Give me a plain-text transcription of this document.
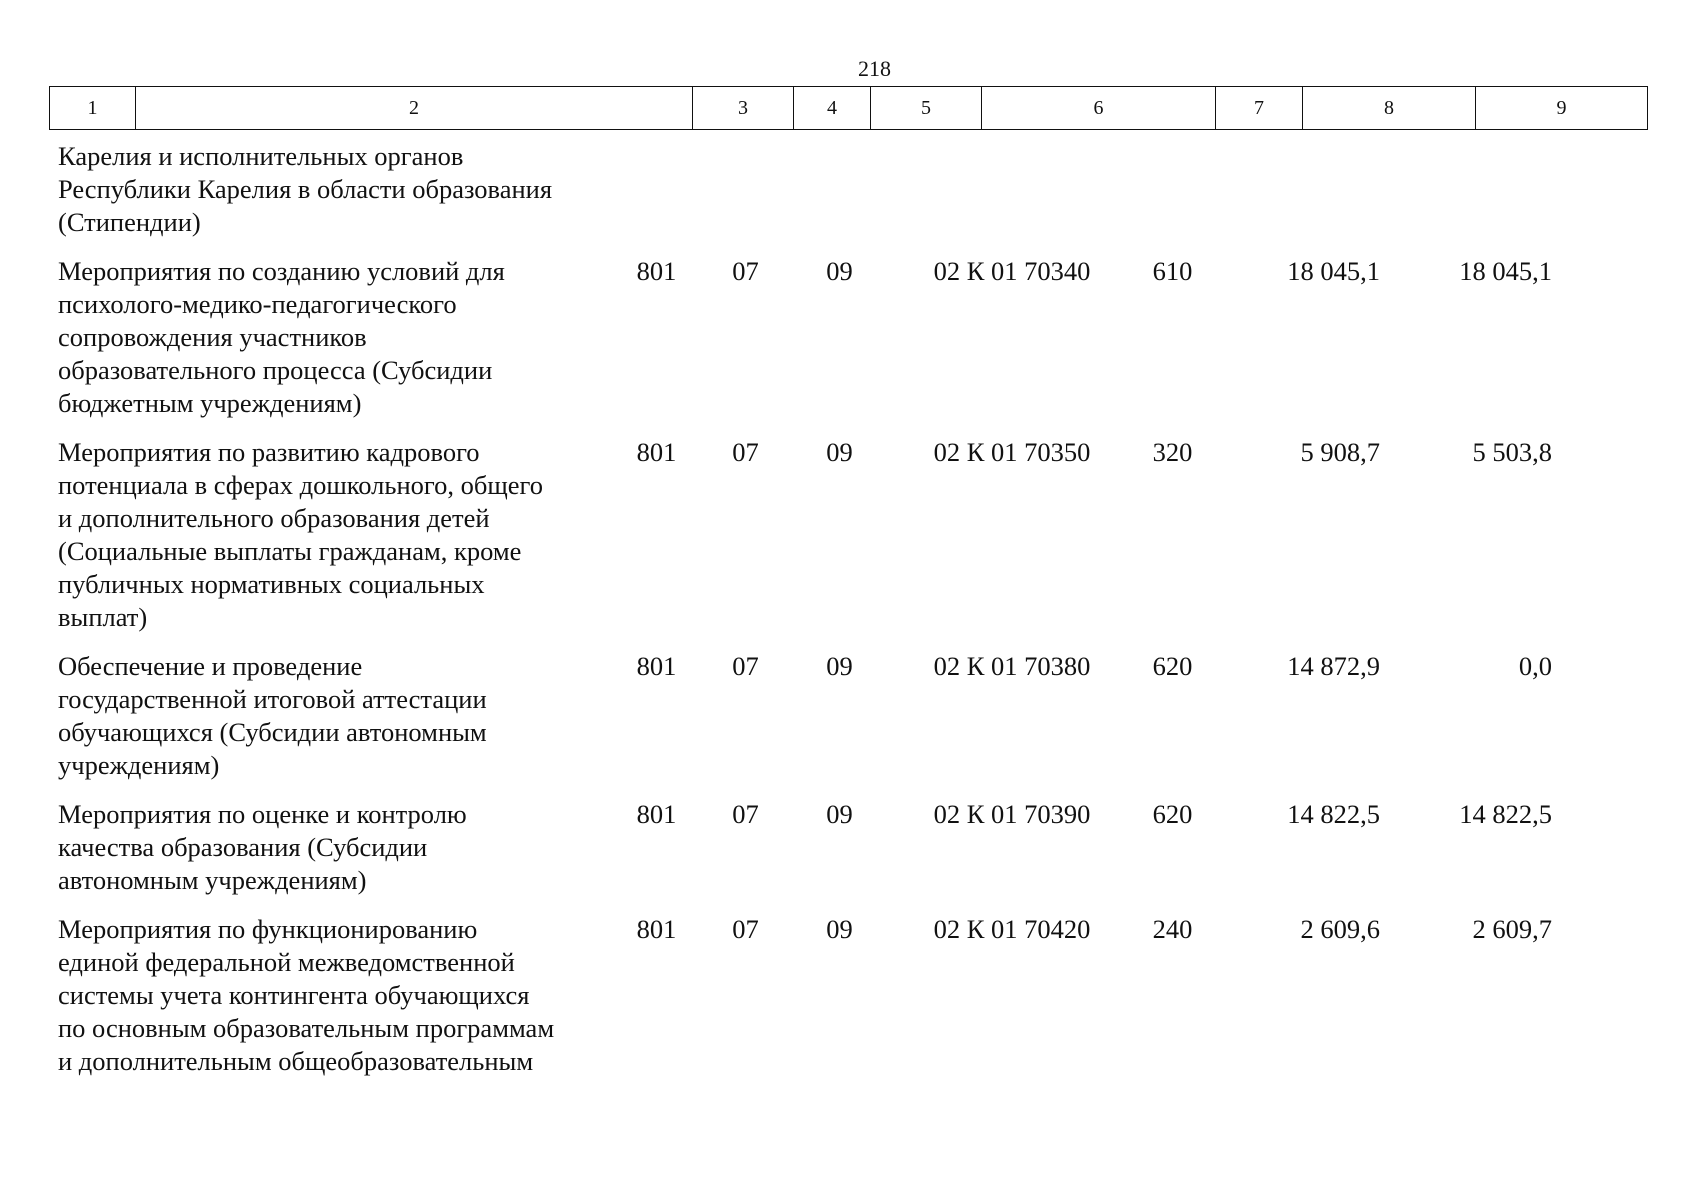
218
1	2	3	4	5	6	7	8	9
Карелия и исполнительных органов
Республики Карелия в области образования
(Стипендии)
Мероприятия по созданию условий для
психолого-медико-педагогического
сопровождения участников
образовательного процесса (Субсидии
бюджетным учреждениям)
801	07	09	02 К 01 70340	610	18 045,1	18 045,1
Мероприятия по развитию кадрового
потенциала в сферах дошкольного, общего
и дополнительного образования детей
(Социальные выплаты гражданам, кроме
публичных нормативных социальных
выплат)
801	07	09	02 К 01 70350	320	5 908,7	5 503,8
Обеспечение и проведение
государственной итоговой аттестации
обучающихся (Субсидии автономным
учреждениям)
801	07	09	02 К 01 70380	620	14 872,9	0,0
Мероприятия по оценке и контролю
качества образования (Субсидии
автономным учреждениям)
801	07	09	02 К 01 70390	620	14 822,5	14 822,5
Мероприятия по функционированию
единой федеральной межведомственной
системы учета контингента обучающихся
по основным образовательным программам
и дополнительным общеобразовательным
801	07	09	02 К 01 70420	240	2 609,6	2 609,7
